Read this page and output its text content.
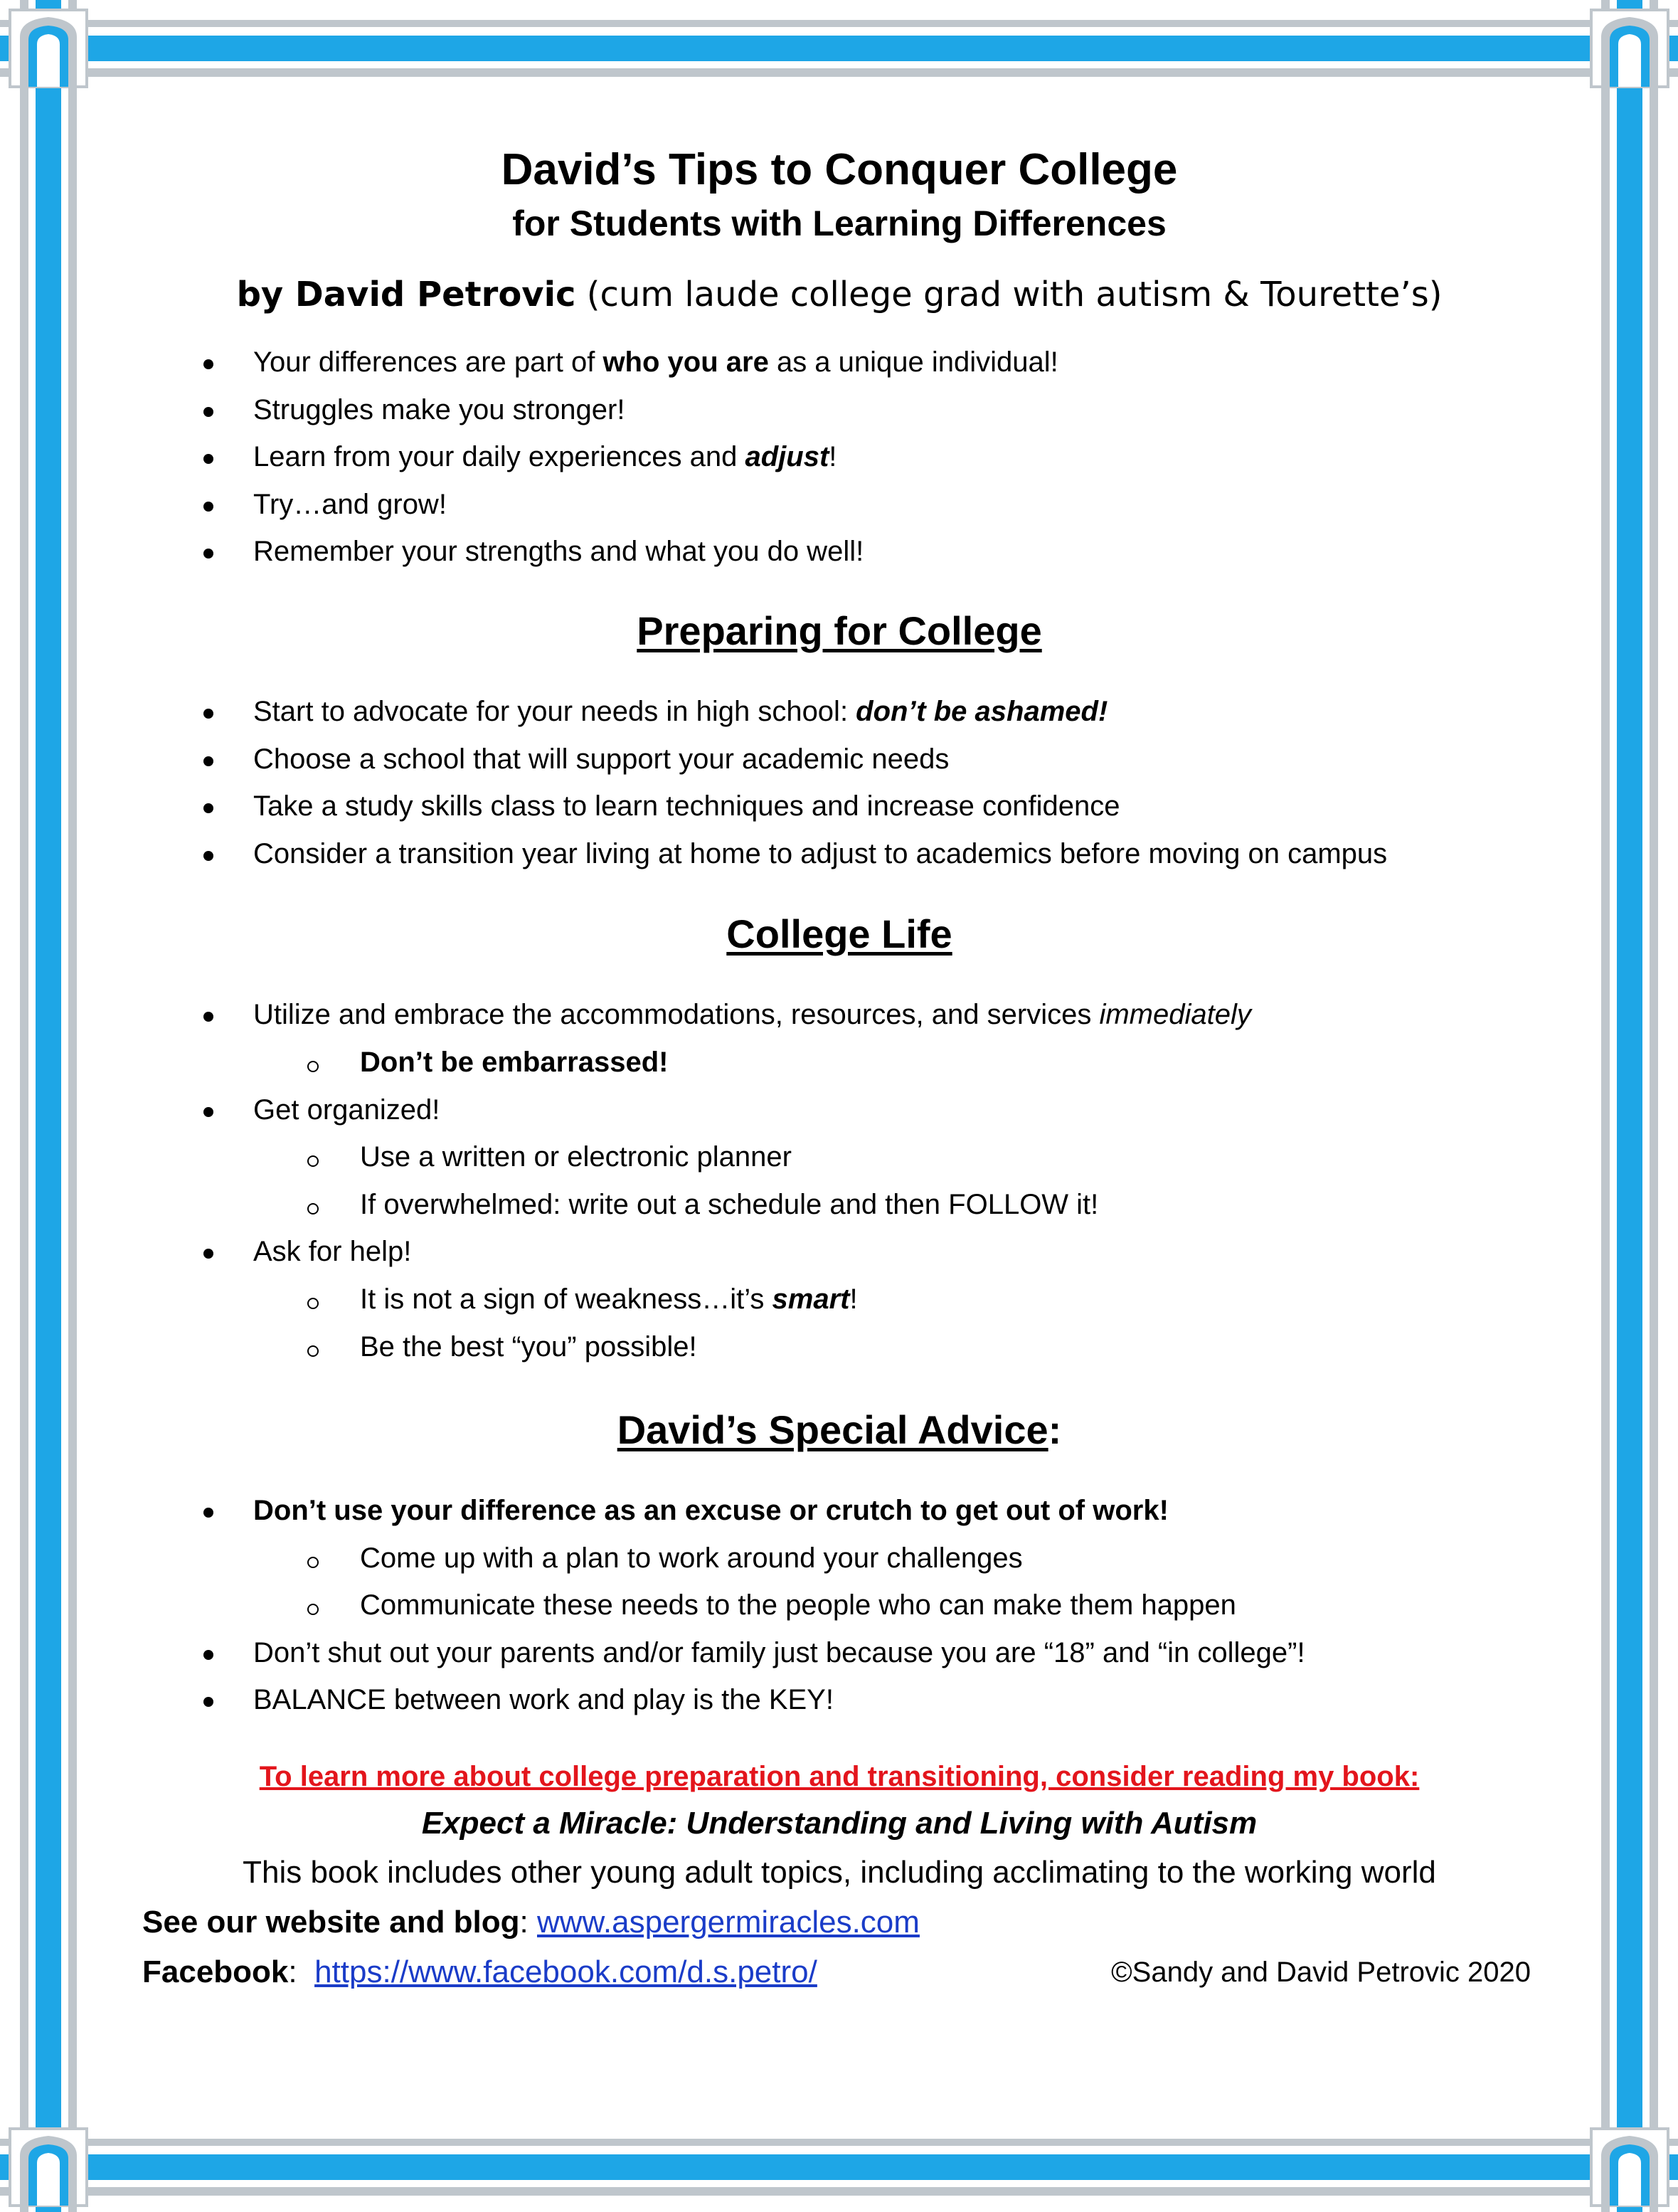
David’s Tips to Conquer College
for Students with Learning Differences
by David Petrovic (cum laude college grad with autism & Tourette’s)
Your differences are part of who you are as a unique individual!
Struggles make you stronger!
Learn from your daily experiences and adjust!
Try…and grow!
Remember your strengths and what you do well!
Preparing for College
Start to advocate for your needs in high school: don’t be ashamed!
Choose a school that will support your academic needs
Take a study skills class to learn techniques and increase confidence
Consider a transition year living at home to adjust to academics before moving on campus
College Life
Utilize and embrace the accommodations, resources, and services immediately
Don’t be embarrassed!
Get organized!
Use a written or electronic planner
If overwhelmed: write out a schedule and then FOLLOW it!
Ask for help!
It is not a sign of weakness…it’s smart!
Be the best “you” possible!
David’s Special Advice:
Don’t use your difference as an excuse or crutch to get out of work!
Come up with a plan to work around your challenges
Communicate these needs to the people who can make them happen
Don’t shut out your parents and/or family just because you are “18” and “in college”!
BALANCE between work and play is the KEY!
To learn more about college preparation and transitioning, consider reading my book:
Expect a Miracle: Understanding and Living with Autism
This book includes other young adult topics, including acclimating to the working world
See our website and blog: www.aspergermiracles.com
Facebook:  https://www.facebook.com/d.s.petro/	©Sandy and David Petrovic 2020
